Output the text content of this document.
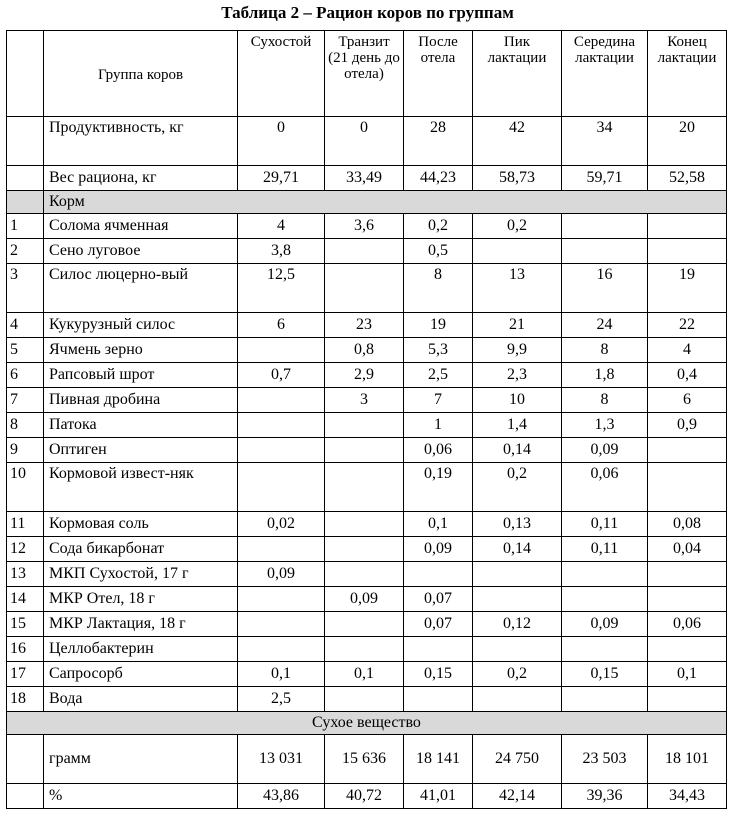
Таблица 2 – Рацион коров по группам
	Группа коров	Сухостой	Транзит (21 день до отела)	После отела	Пик лактации	Середина лактации	Конец лактации
	Продуктивность, кг	0	0	28	42	34	20
	Вес рациона, кг	29,71	33,49	44,23	58,73	59,71	52,58
	Корм						
1	Солома ячменная	4	3,6	0,2	0,2		
2	Сено луговое	3,8		0,5			
3	Силос люцерно-вый	12,5		8	13	16	19
4	Кукурузный силос	6	23	19	21	24	22
5	Ячмень зерно		0,8	5,3	9,9	8	4
6	Рапсовый шрот	0,7	2,9	2,5	2,3	1,8	0,4
7	Пивная дробина		3	7	10	8	6
8	Патока			1	1,4	1,3	0,9
9	Оптиген			0,06	0,14	0,09	
10	Кормовой извест-няк			0,19	0,2	0,06	
11	Кормовая соль	0,02		0,1	0,13	0,11	0,08
12	Сода бикарбонат			0,09	0,14	0,11	0,04
13	МКП Сухостой, 17 г	0,09					
14	МКР Отел, 18 г		0,09	0,07			
15	МКР Лактация, 18 г			0,07	0,12	0,09	0,06
16	Целлобактерин						
17	Сапросорб	0,1	0,1	0,15	0,2	0,15	0,1
18	Вода	2,5					
Сухое вещество							
	грамм	13 031	15 636	18 141	24 750	23 503	18 101
	%	43,86	40,72	41,01	42,14	39,36	34,43
